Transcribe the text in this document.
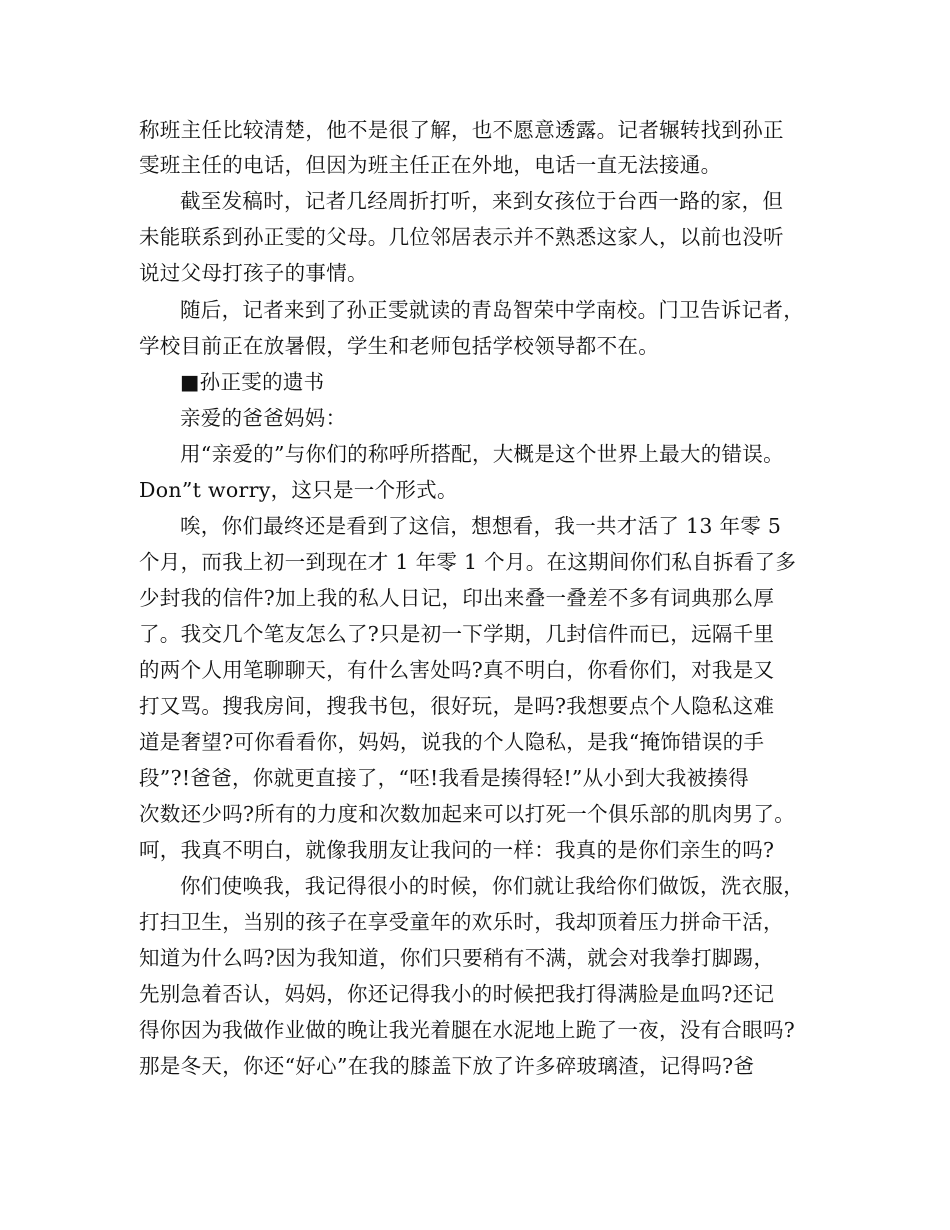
称班主任比较清楚，他不是很了解，也不愿意透露。记者辗转找到孙正
雯班主任的电话，但因为班主任正在外地，电话一直无法接通。
截至发稿时，记者几经周折打听，来到女孩位于台西一路的家，但
未能联系到孙正雯的父母。几位邻居表示并不熟悉这家人，以前也没听
说过父母打孩子的事情。
随后，记者来到了孙正雯就读的青岛智荣中学南校。门卫告诉记者，
学校目前正在放暑假，学生和老师包括学校领导都不在。
■孙正雯的遗书
亲爱的爸爸妈妈：
用“亲爱的”与你们的称呼所搭配，大概是这个世界上最大的错误。
Don”t worry，这只是一个形式。
唉，你们最终还是看到了这信，想想看，我一共才活了 13 年零 5
个月，而我上初一到现在才 1 年零 1 个月。在这期间你们私自拆看了多
少封我的信件?加上我的私人日记，印出来叠一叠差不多有词典那么厚
了。我交几个笔友怎么了?只是初一下学期，几封信件而已，远隔千里
的两个人用笔聊聊天，有什么害处吗?真不明白，你看你们，对我是又
打又骂。搜我房间，搜我书包，很好玩，是吗?我想要点个人隐私这难
道是奢望?可你看看你，妈妈，说我的个人隐私，是我“掩饰错误的手
段”?!爸爸，你就更直接了，“呸!我看是揍得轻!”从小到大我被揍得
次数还少吗?所有的力度和次数加起来可以打死一个俱乐部的肌肉男了。
呵，我真不明白，就像我朋友让我问的一样：我真的是你们亲生的吗?
你们使唤我，我记得很小的时候，你们就让我给你们做饭，洗衣服，
打扫卫生，当别的孩子在享受童年的欢乐时，我却顶着压力拼命干活，
知道为什么吗?因为我知道，你们只要稍有不满，就会对我拳打脚踢，
先别急着否认，妈妈，你还记得我小的时候把我打得满脸是血吗?还记
得你因为我做作业做的晚让我光着腿在水泥地上跪了一夜，没有合眼吗?
那是冬天，你还“好心”在我的膝盖下放了许多碎玻璃渣，记得吗?爸
